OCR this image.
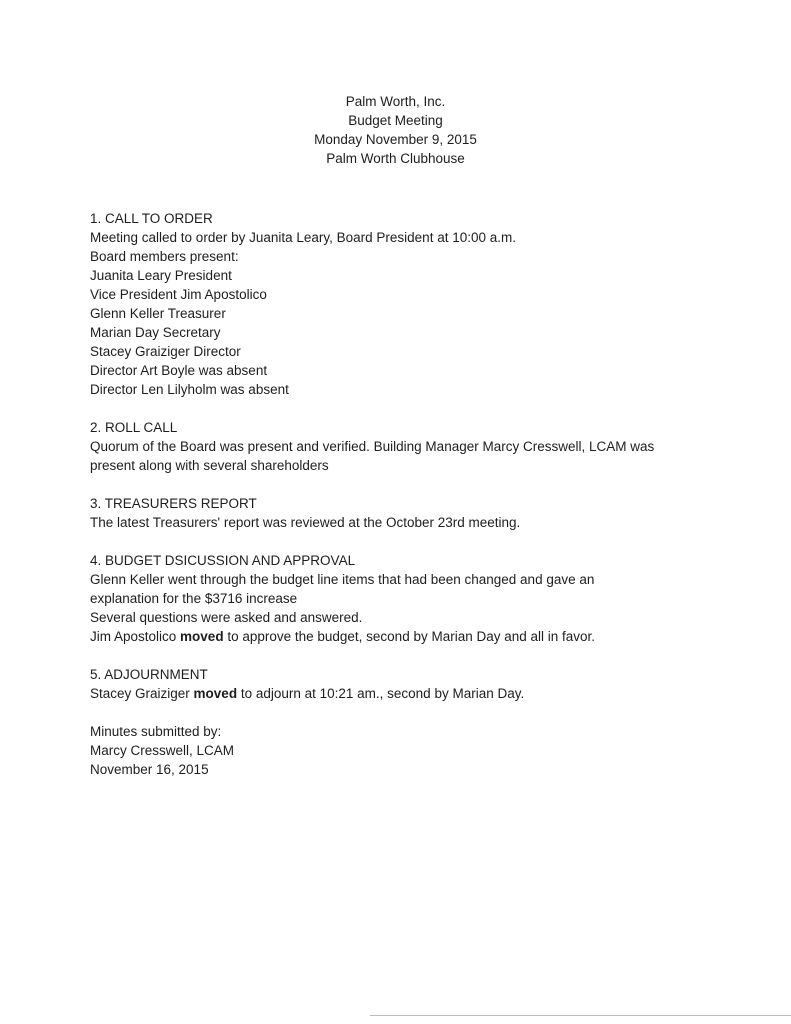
Palm Worth, Inc.
Budget Meeting
Monday November 9, 2015
Palm Worth Clubhouse
1. CALL TO ORDER
Meeting called to order by Juanita Leary, Board President at 10:00 a.m.
Board members present:
Juanita Leary President
Vice President Jim Apostolico
Glenn Keller Treasurer
Marian Day Secretary
Stacey Graiziger Director
Director Art Boyle was absent
Director Len Lilyholm was absent
2. ROLL CALL
Quorum of the Board was present and verified. Building Manager Marcy Cresswell, LCAM was
present along with several shareholders
3. TREASURERS REPORT
The latest Treasurers' report was reviewed at the October 23rd meeting.
4. BUDGET DSICUSSION AND APPROVAL
Glenn Keller went through the budget line items that had been changed and gave an
explanation for the $3716 increase
Several questions were asked and answered.
Jim Apostolico moved to approve the budget, second by Marian Day and all in favor.
5. ADJOURNMENT
Stacey Graiziger moved to adjourn at 10:21 am., second by Marian Day.
Minutes submitted by:
Marcy Cresswell, LCAM
November 16, 2015
